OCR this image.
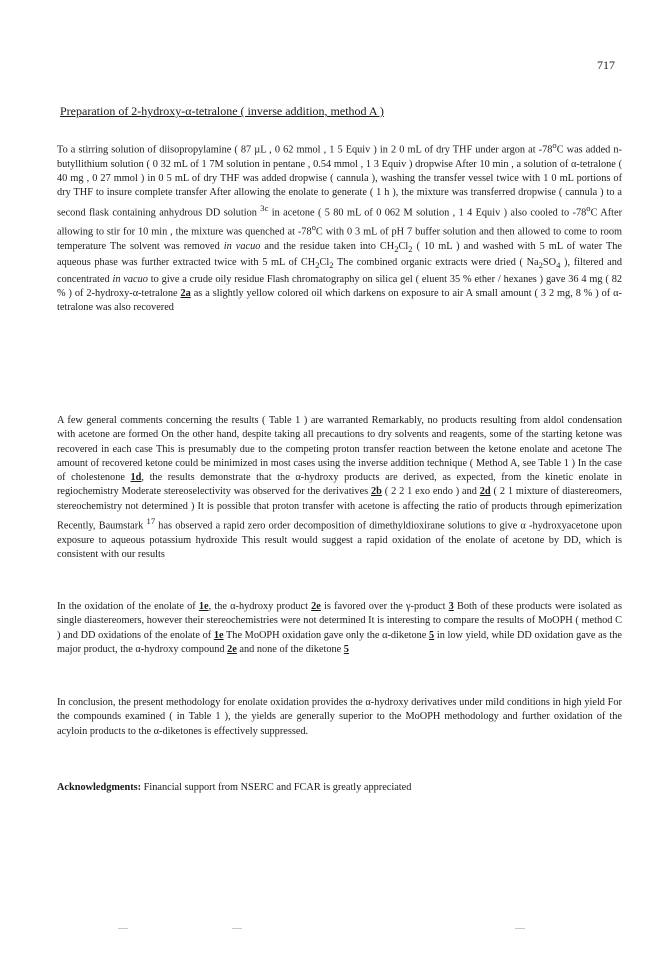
717
Preparation of 2-hydroxy-α-tetralone ( inverse addition, method A )

To a stirring solution of diisopropylamine ( 87 µL , 0 62 mmol , 1 5 Equiv ) in 2 0 mL of dry THF under argon at -78$^o$C was added n-butyllithium solution ( 0 32 mL of 1 7M solution in pentane , 0.54 mmol , 1 3 Equiv ) dropwise After 10 min , a solution of α-tetralone ( 40 mg , 0 27 mmol ) in 0 5 mL of dry THF was added dropwise ( cannula ), washing the transfer vessel twice with 1 0 mL portions of dry THF to insure complete transfer After allowing the enolate to generate ( 1 h ), the mixture was transferred dropwise ( cannula ) to a second flask containing anhydrous DD solution $^{3c}$ in acetone ( 5 80 mL of 0 062 M solution , 1 4 Equiv ) also cooled to -78$^o$C After allowing to stir for 10 min , the mixture was quenched at -78$^o$C with 0 3 mL of pH 7 buffer solution and then allowed to come to room temperature The solvent was removed in vacuo and the residue taken into $CH_2Cl_2$ ( 10 mL ) and washed with 5 mL of water The aqueous phase was further extracted twice with 5 mL of $CH_2Cl_2$ The combined organic extracts were dried ( $Na_2SO_4$ ), filtered and concentrated in vacuo to give a crude oily residue Flash chromatography on silica gel ( eluent 35 % ether / hexanes ) gave 36 4 mg ( 82 % ) of 2-hydroxy-α-tetralone 2a as a slightly yellow colored oil which darkens on exposure to air A small amount ( 3 2 mg, 8 % ) of α-tetralone was also recovered

A few general comments concerning the results ( Table 1 ) are warranted Remarkably, no products resulting from aldol condensation with acetone are formed On the other hand, despite taking all precautions to dry solvents and reagents, some of the starting ketone was recovered in each case This is presumably due to the competing proton transfer reaction between the ketone enolate and acetone The amount of recovered ketone could be minimized in most cases using the inverse addition technique ( Method A, see Table 1 ) In the case of cholestenone 1d, the results demonstrate that the α-hydroxy products are derived, as expected, from the kinetic enolate in regiochemistry Moderate stereoselectivity was observed for the derivatives 2b ( 2 2 1 exo endo ) and 2d ( 2 1 mixture of diastereomers, stereochemistry not determined ) It is possible that proton transfer with acetone is affecting the ratio of products through epimerization Recently, Baumstark $^{17}$ has observed a rapid zero order decomposition of dimethyldioxirane solutions to give α -hydroxyacetone upon exposure to aqueous potassium hydroxide This result would suggest a rapid oxidation of the enolate of acetone by DD, which is consistent with our results

In the oxidation of the enolate of 1e, the α-hydroxy product 2e is favored over the γ-product 3 Both of these products were isolated as single diastereomers, however their stereochemistries were not determined It is interesting to compare the results of MoOPH ( method C ) and DD oxidations of the enolate of 1e The MoOPH oxidation gave only the α-diketone 5 in low yield, while DD oxidation gave as the major product, the α-hydroxy compound 2e and none of the diketone 5

In conclusion, the present methodology for enolate oxidation provides the α-hydroxy derivatives under mild conditions in high yield For the compounds examined ( in Table 1 ), the yields are generally superior to the MoOPH methodology and further oxidation of the acyloin products to the α-diketones is effectively suppressed.

Acknowledgments: Financial support from NSERC and FCAR is greatly appreciated
